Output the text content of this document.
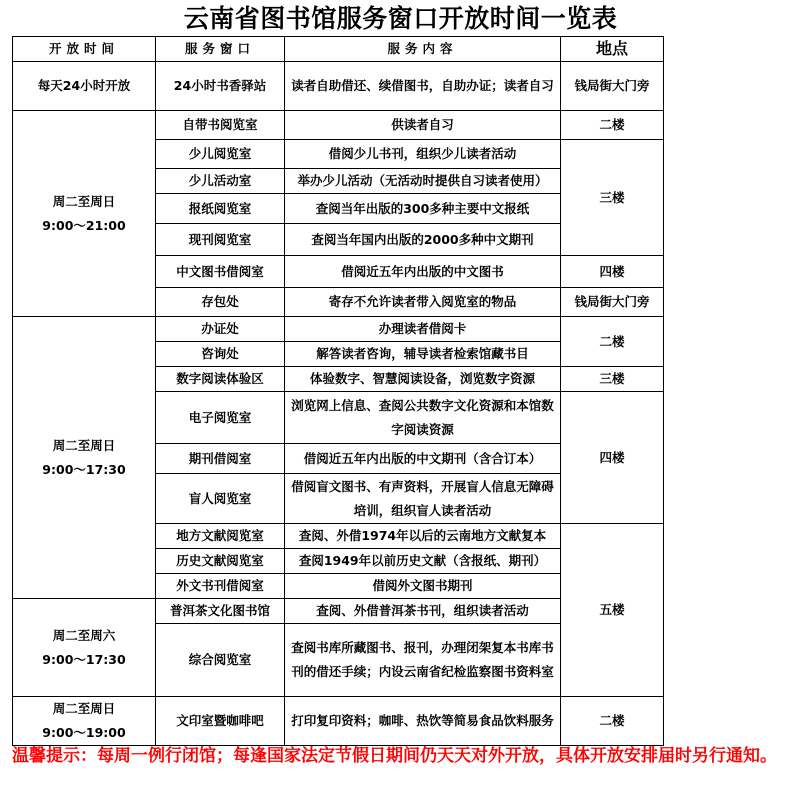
云南省图书馆服务窗口开放时间一览表
开放时间	服务窗口	服务内容	地点
每天24小时开放	24小时书香驿站	读者自助借还、续借图书，自助办证；读者自习	钱局街大门旁

周二至周日
9:00～21:00	自带书阅览室	供读者自习	二楼
	少儿阅览室	借阅少儿书刊，组织少儿读者活动	三楼
	少儿活动室	举办少儿活动（无活动时提供自习读者使用）	
	报纸阅览室	查阅当年出版的300多种主要中文报纸	
	现刊阅览室	查阅当年国内出版的2000多种中文期刊	
	中文图书借阅室	借阅近五年内出版的中文图书	四楼
	存包处	寄存不允许读者带入阅览室的物品	钱局街大门旁

周二至周日
9:00～17:30	办证处	办理读者借阅卡	二楼
	咨询处	解答读者咨询，辅导读者检索馆藏书目	
	数字阅读体验区	体验数字、智慧阅读设备，浏览数字资源	三楼
	电子阅览室	浏览网上信息、查阅公共数字文化资源和本馆数字阅读资源	四楼
	期刊借阅室	借阅近五年内出版的中文期刊（含合订本）	
	盲人阅览室	借阅盲文图书、有声资料，开展盲人信息无障碍培训，组织盲人读者活动	
	地方文献阅览室	查阅、外借1974年以后的云南地方文献复本	五楼
	历史文献阅览室	查阅1949年以前历史文献（含报纸、期刊）	
	外文书刊借阅室	借阅外文图书期刊	

周二至周六
9:00～17:30	普洱茶文化图书馆	查阅、外借普洱茶书刊，组织读者活动	
	综合阅览室	查阅书库所藏图书、报刊，办理闭架复本书库书刊的借还手续；内设云南省纪检监察图书资料室	

周二至周日
9:00～19:00	文印室暨咖啡吧	打印复印资料；咖啡、热饮等简易食品饮料服务	二楼
温馨提示：每周一例行闭馆；每逢国家法定节假日期间仍天天对外开放，具体开放安排届时另行通知。
